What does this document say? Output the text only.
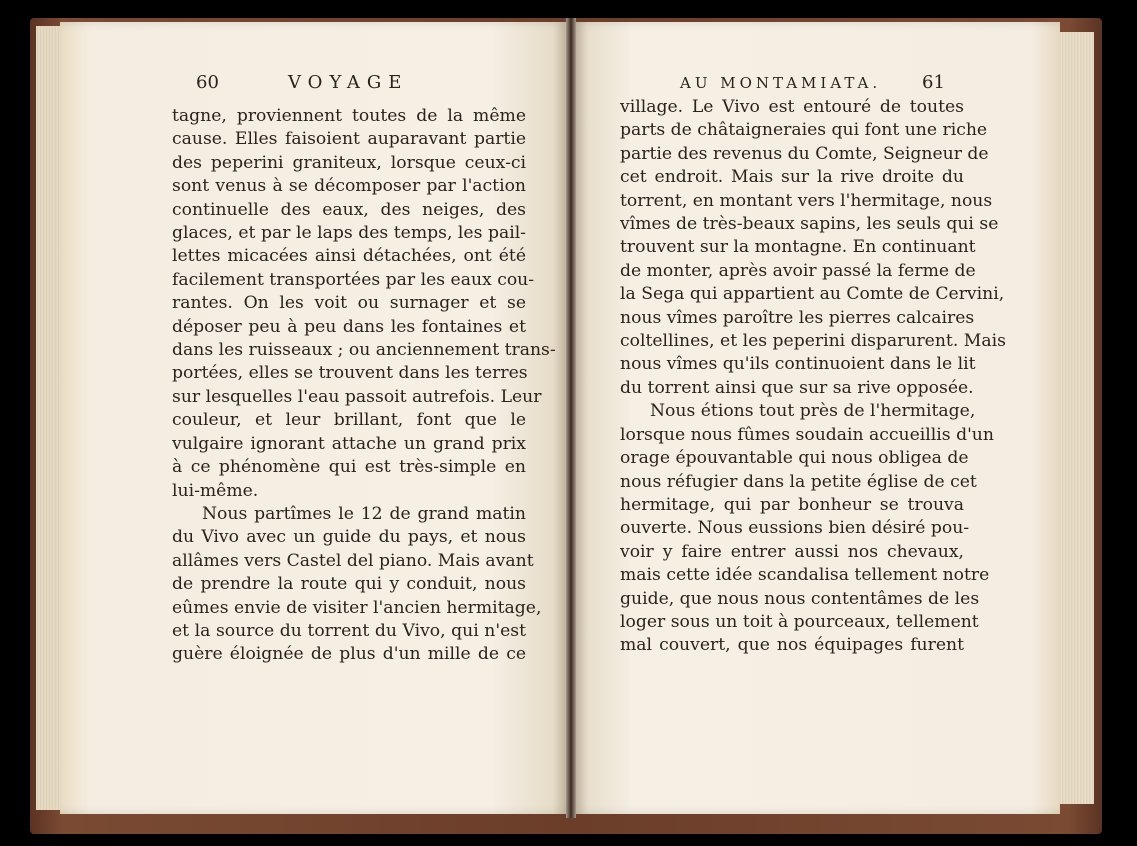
60	VOYAGE	AU MONTAMIATA. 61
tagne, proviennent toutes de la même
cause. Elles faisoient auparavant partie
des peperini graniteux, lorsque ceux-ci
sont venus à se décomposer par l'action
continuelle des eaux, des neiges, des
glaces, et par le laps des temps, les pail-
lettes micacées ainsi détachées, ont été
facilement transportées par les eaux cou-
rantes. On les voit ou surnager et se
déposer peu à peu dans les fontaines et
dans les ruisseaux ; ou anciennement trans-
portées, elles se trouvent dans les terres
sur lesquelles l'eau passoit autrefois. Leur
couleur, et leur brillant, font que le
vulgaire ignorant attache un grand prix
à ce phénomène qui est très-simple en
lui-même.
Nous partîmes le 12 de grand matin
du Vivo avec un guide du pays, et nous
allâmes vers Castel del piano. Mais avant
de prendre la route qui y conduit, nous
eûmes envie de visiter l'ancien hermitage,
et la source du torrent du Vivo, qui n'est
guère éloignée de plus d'un mille de ce
village. Le Vivo est entouré de toutes
parts de châtaigneraies qui font une riche
partie des revenus du Comte, Seigneur de
cet endroit. Mais sur la rive droite du
torrent, en montant vers l'hermitage, nous
vîmes de très-beaux sapins, les seuls qui se
trouvent sur la montagne. En continuant
de monter, après avoir passé la ferme de
la Sega qui appartient au Comte de Cervini,
nous vîmes paroître les pierres calcaires
coltellines, et les peperini disparurent. Mais
nous vîmes qu'ils continuoient dans le lit
du torrent ainsi que sur sa rive opposée.
Nous étions tout près de l'hermitage,
lorsque nous fûmes soudain accueillis d'un
orage épouvantable qui nous obligea de
nous réfugier dans la petite église de cet
hermitage, qui par bonheur se trouva
ouverte. Nous eussions bien désiré pou-
voir y faire entrer aussi nos chevaux,
mais cette idée scandalisa tellement notre
guide, que nous nous contentâmes de les
loger sous un toit à pourceaux, tellement
mal couvert, que nos équipages furent
